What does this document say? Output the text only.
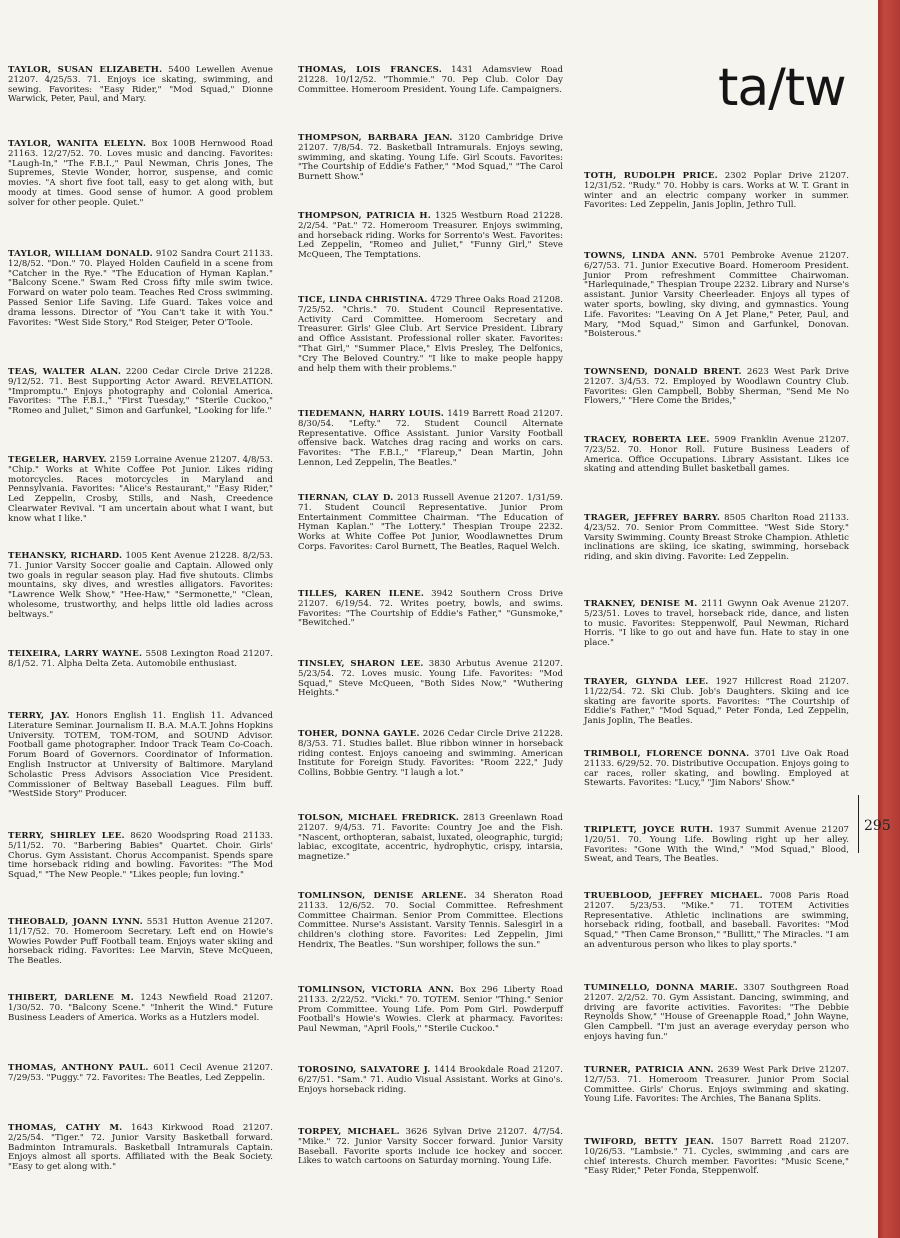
ta/tw
295

TAYLOR, SUSAN ELIZABETH. 5400 Lewellen Avenue 21207. 4/25/53. 71. Enjoys ice skating, swimming, and sewing. Favorites: "Easy Rider," "Mod Squad," Dionne Warwick, Peter, Paul, and Mary.

TAYLOR, WANITA ELELYN. Box 100B Hernwood Road 21163. 12/27/52. 70. Loves music and dancing. Favorites: "Laugh-In," "The F.B.I.," Paul Newman, Chris Jones, The Supremes, Stevie Wonder, horror, suspense, and comic movies. "A short five foot tall, easy to get along with, but moody at times. Good sense of humor. A good problem solver for other people. Quiet."

TAYLOR, WILLIAM DONALD. 9102 Sandra Court 21133. 12/8/52. "Don." 70. Played Holden Caufield in a scene from "Catcher in the Rye." "The Education of Hyman Kaplan." "Balcony Scene." Swam Red Cross fifty mile swim twice. Forward on water polo team. Teaches Red Cross swimming. Passed Senior Life Saving. Life Guard. Takes voice and drama lessons. Director of "You Can't take it with You." Favorites: "West Side Story," Rod Steiger, Peter O'Toole.

TEAS, WALTER ALAN. 2200 Cedar Circle Drive 21228. 9/12/52. 71. Best Supporting Actor Award. REVELATION. "Impromptu." Enjoys photography and Colonial America. Favorites: "The F.B.I.," "First Tuesday," "Sterile Cuckoo," "Romeo and Juliet," Simon and Garfunkel, "Looking for life."

TEGELER, HARVEY. 2159 Lorraine Avenue 21207. 4/8/53. "Chip." Works at White Coffee Pot Junior. Likes riding motorcycles. Races motorcycles in Maryland and Pennsylvania. Favorites: "Alice's Restaurant," "Easy Rider," Led Zeppelin, Crosby, Stills, and Nash, Creedence Clearwater Revival. "I am uncertain about what I want, but know what I like."

TEHANSKY, RICHARD. 1005 Kent Avenue 21228. 8/2/53. 71. Junior Varsity Soccer goalie and Captain. Allowed only two goals in regular season play. Had five shutouts. Climbs mountains, sky dives, and wrestles alligators. Favorites: "Lawrence Welk Show," "Hee-Haw," "Sermonette," "Clean, wholesome, trustworthy, and helps little old ladies across beltways."

TEIXEIRA, LARRY WAYNE. 5508 Lexington Road 21207. 8/1/52. 71. Alpha Delta Zeta. Automobile enthusiast.

TERRY, JAY. Honors English 11. English 11. Advanced Literature Seminar. Journalism II. B.A. M.A.T. Johns Hopkins University. TOTEM, TOM-TOM, and SOUND Advisor. Football game photographer. Indoor Track Team Co-Coach. Forum Board of Governors. Coordinator of Information. English Instructor at University of Baltimore. Maryland Scholastic Press Advisors Association Vice President. Commissioner of Beltway Baseball Leagues. Film buff. "WestSide Story" Producer.

TERRY, SHIRLEY LEE. 8620 Woodspring Road 21133. 5/11/52. 70. "Barbering Babies" Quartet. Choir. Girls' Chorus. Gym Assistant. Chorus Accompanist. Spends spare time horseback riding and bowling. Favorites: "The Mod Squad," "The New People." "Likes people; fun loving."

THEOBALD, JOANN LYNN. 5531 Hutton Avenue 21207. 11/17/52. 70. Homeroom Secretary. Left end on Howie's Wowies Powder Puff Football team. Enjoys water skiing and horseback riding. Favorites: Lee Marvin, Steve McQueen, The Beatles.

THIBERT, DARLENE M. 1243 Newfield Road 21207. 1/30/52. 70. "Balcony Scene." "Inherit the Wind." Future Business Leaders of America. Works as a Hutzlers model.

THOMAS, ANTHONY PAUL. 6011 Cecil Avenue 21207. 7/29/53. "Puggy." 72. Favorites: The Beatles, Led Zeppelin.

THOMAS, CATHY M. 1643 Kirkwood Road 21207. 2/25/54. "Tiger." 72. Junior Varsity Basketball forward. Badminton Intramurals. Basketball Intramurals Captain. Enjoys almost all sports. Affiliated with the Beak Society. "Easy to get along with."

THOMAS, LOIS FRANCES. 1431 Adamsview Road 21228. 10/12/52. "Thommie." 70. Pep Club. Color Day Committee. Homeroom President. Young Life. Campaigners.

THOMPSON, BARBARA JEAN. 3120 Cambridge Drive 21207. 7/8/54. 72. Basketball Intramurals. Enjoys sewing, swimming, and skating. Young Life. Girl Scouts. Favorites: "The Courtship of Eddie's Father," "Mod Squad," "The Carol Burnett Show."

THOMPSON, PATRICIA H. 1325 Westburn Road 21228. 2/2/54. "Pat." 72. Homeroom Treasurer. Enjoys swimming, and horseback riding. Works for Sorrento's West. Favorites: Led Zeppelin, "Romeo and Juliet," "Funny Girl," Steve McQueen, The Temptations.

TICE, LINDA CHRISTINA. 4729 Three Oaks Road 21208. 7/25/52. "Chris." 70. Student Council Representative. Activity Card Committee. Homeroom Secretary and Treasurer. Girls' Glee Club. Art Service President. Library and Office Assistant. Professional roller skater. Favorites: "That Girl," "Summer Place," Elvis Presley, The Delfonics, "Cry The Beloved Country." "I like to make people happy and help them with their problems."

TIEDEMANN, HARRY LOUIS. 1419 Barrett Road 21207. 8/30/54. "Lefty." 72. Student Council Alternate Representative. Office Assistant. Junior Varsity Football offensive back. Watches drag racing and works on cars. Favorites: "The F.B.I.," "Flareup," Dean Martin, John Lennon, Led Zeppelin, The Beatles."

TIERNAN, CLAY D. 2013 Russell Avenue 21207. 1/31/59. 71. Student Council Representative. Junior Prom Entertainment Committee Chairman. "The Education of Hyman Kaplan." "The Lottery." Thespian Troupe 2232. Works at White Coffee Pot Junior, Woodlawnettes Drum Corps. Favorites: Carol Burnett, The Beatles, Raquel Welch.

TILLES, KAREN ILENE. 3942 Southern Cross Drive 21207. 6/19/54. 72. Writes poetry, bowls, and swims. Favorites: "The Courtship of Eddie's Father," "Gunsmoke," "Bewitched."

TINSLEY, SHARON LEE. 3830 Arbutus Avenue 21207. 5/23/54. 72. Loves music. Young Life. Favorites: "Mod Squad," Steve McQueen, "Both Sides Now," "Wuthering Heights."

TOHER, DONNA GAYLE. 2026 Cedar Circle Drive 21228. 8/3/53. 71. Studies ballet. Blue ribbon winner in horseback riding contest. Enjoys canoeing and swimming. American Institute for Foreign Study. Favorites: "Room 222," Judy Collins, Bobbie Gentry. "I laugh a lot."

TOLSON, MICHAEL FREDRICK. 2813 Greenlawn Road 21207. 9/4/53. 71. Favorite: Country Joe and the Fish. "Nascent, orthopteran, sabaist, luxated, oleographic, turgid; labiac, excogitate, accentric, hydrophytic, crispy, intarsia, magnetize."

TOMLINSON, DENISE ARLENE. 34 Sheraton Road 21133. 12/6/52. 70. Social Committee. Refreshment Committee Chairman. Senior Prom Committee. Elections Committee. Nurse's Assistant. Varsity Tennis. Salesgirl in a children's clothing store. Favorites: Led Zeppelin, Jimi Hendrix, The Beatles. "Sun worshiper, follows the sun."

TOMLINSON, VICTORIA ANN. Box 296 Liberty Road 21133. 2/22/52. "Vicki." 70. TOTEM. Senior "Thing." Senior Prom Committee. Young Life. Pom Pom Girl. Powderpuff Football's Howie's Wowies. Clerk at pharmacy. Favorites: Paul Newman, "April Fools," "Sterile Cuckoo."

TOROSINO, SALVATORE J. 1414 Brookdale Road 21207. 6/27/51. "Sam." 71. Audio Visual Assistant. Works at Gino's. Enjoys horseback riding.

TORPEY, MICHAEL. 3626 Sylvan Drive 21207. 4/7/54. "Mike." 72. Junior Varsity Soccer forward. Junior Varsity Baseball. Favorite sports include ice hockey and soccer. Likes to watch cartoons on Saturday morning. Young Life.

TOTH, RUDOLPH PRICE. 2302 Poplar Drive 21207. 12/31/52. "Rudy." 70. Hobby is cars. Works at W. T. Grant in winter and an electric company worker in summer. Favorites: Led Zeppelin, Janis Joplin, Jethro Tull.

TOWNS, LINDA ANN. 5701 Pembroke Avenue 21207. 6/27/53. 71. Junior Executive Board. Homeroom President. Junior Prom refreshment Committee Chairwoman. "Harlequinade," Thespian Troupe 2232. Library and Nurse's assistant. Junior Varsity Cheerleader. Enjoys all types of water sports, bowling, sky diving, and gymnastics. Young Life. Favorites: "Leaving On A Jet Plane," Peter, Paul, and Mary, "Mod Squad," Simon and Garfunkel, Donovan. "Boisterous."

TOWNSEND, DONALD BRENT. 2623 West Park Drive 21207. 3/4/53. 72. Employed by Woodlawn Country Club. Favorites: Glen Campbell, Bobby Sherman, "Send Me No Flowers," "Here Come the Brides,"

TRACEY, ROBERTA LEE. 5909 Franklin Avenue 21207. 7/23/52. 70. Honor Roll. Future Business Leaders of America. Office Occupations. Library Assistant. Likes ice skating and attending Bullet basketball games.

TRAGER, JEFFREY BARRY. 8505 Charlton Road 21133. 4/23/52. 70. Senior Prom Committee. "West Side Story." Varsity Swimming. County Breast Stroke Champion. Athletic inclinations are skiing, ice skating, swimming, horseback riding, and skin diving. Favorite: Led Zeppelin.

TRAKNEY, DENISE M. 2111 Gwynn Oak Avenue 21207. 5/23/51. Loves to travel, horseback ride, dance, and listen to music. Favorites: Steppenwolf, Paul Newman, Richard Horris. "I like to go out and have fun. Hate to stay in one place."

TRAYER, GLYNDA LEE. 1927 Hillcrest Road 21207. 11/22/54. 72. Ski Club. Job's Daughters. Skiing and ice skating are favorite sports. Favorites: "The Courtship of Eddie's Father," "Mod Squad," Peter Fonda, Led Zeppelin, Janis Joplin, The Beatles.

TRIMBOLI, FLORENCE DONNA. 3701 Live Oak Road 21133. 6/29/52. 70. Distributive Occupation. Enjoys going to car races, roller skating, and bowling. Employed at Stewarts. Favorites: "Lucy," "Jim Nabors' Show."

TRIPLETT, JOYCE RUTH. 1937 Summit Avenue 21207 1/20/51. 70. Young Life. Bowling right up her alley. Favorites: "Gone With the Wind," "Mod Squad," Blood, Sweat, and Tears, The Beatles.

TRUEBLOOD, JEFFREY MICHAEL. 7008 Paris Road 21207. 5/23/53. "Mike." 71. TOTEM Activities Representative. Athletic inclinations are swimming, horseback riding, football, and baseball. Favorites: "Mod Squad," "Then Came Bronson," "Bullitt," The Miracles. "I am an adventurous person who likes to play sports."

TUMINELLO, DONNA MARIE. 3307 Southgreen Road 21207. 2/2/52. 70. Gym Assistant. Dancing, swimming, and driving are favorite activities. Favorites: "The Debbie Reynolds Show," "House of Greenapple Road," John Wayne, Glen Campbell. "I'm just an average everyday person who enjoys having fun."

TURNER, PATRICIA ANN. 2639 West Park Drive 21207. 12/7/53. 71. Homeroom Treasurer. Junior Prom Social Committee. Girls' Chorus. Enjoys swimming and skating. Young Life. Favorites: The Archies, The Banana Splits.

TWIFORD, BETTY JEAN. 1507 Barrett Road 21207. 10/26/53. "Lambsie." 71. Cycles, swimming ,and cars are chief interests. Church member. Favorites: "Music Scene," "Easy Rider," Peter Fonda, Steppenwolf.
